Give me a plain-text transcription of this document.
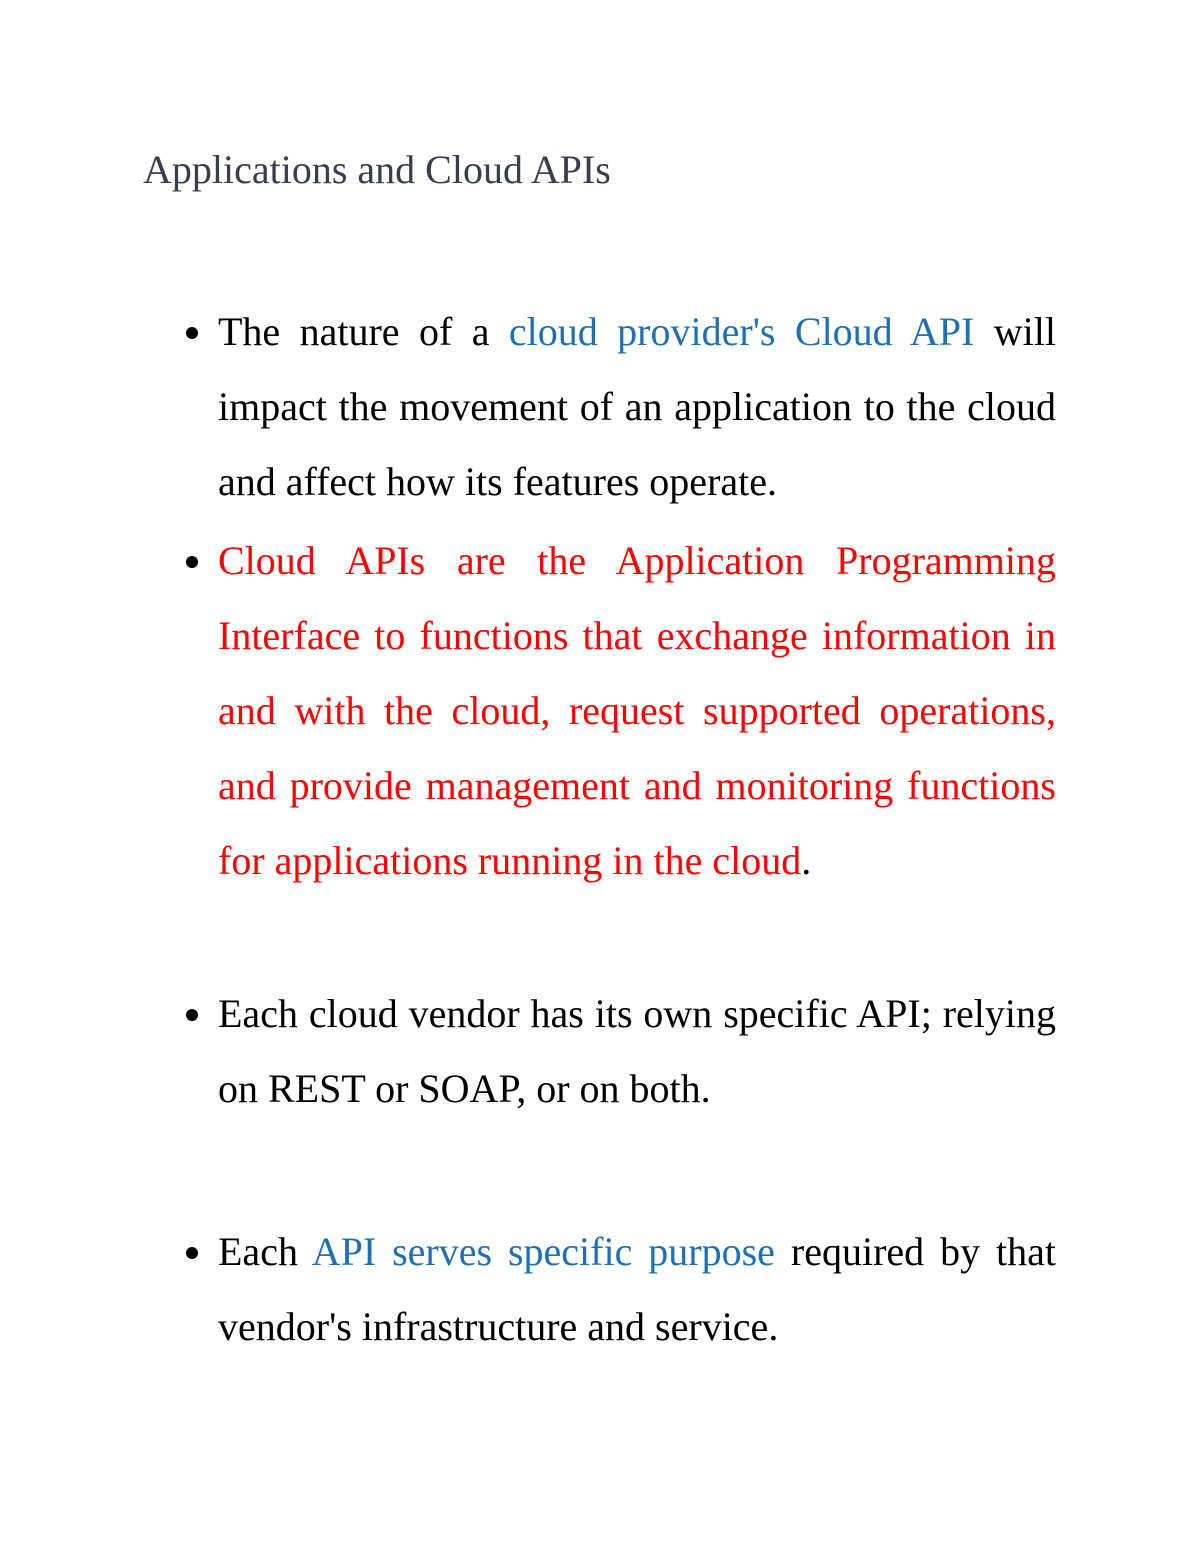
Applications and Cloud APIs
The nature of a cloud provider's Cloud API will impact the movement of an application to the cloud and affect how its features operate.
Cloud APIs are the Application Programming Interface to functions that exchange information in and with the cloud, request supported operations, and provide management and monitoring functions for applications running in the cloud.
Each cloud vendor has its own specific API; relying on REST or SOAP, or on both.
Each API serves specific purpose required by that vendor's infrastructure and service.
